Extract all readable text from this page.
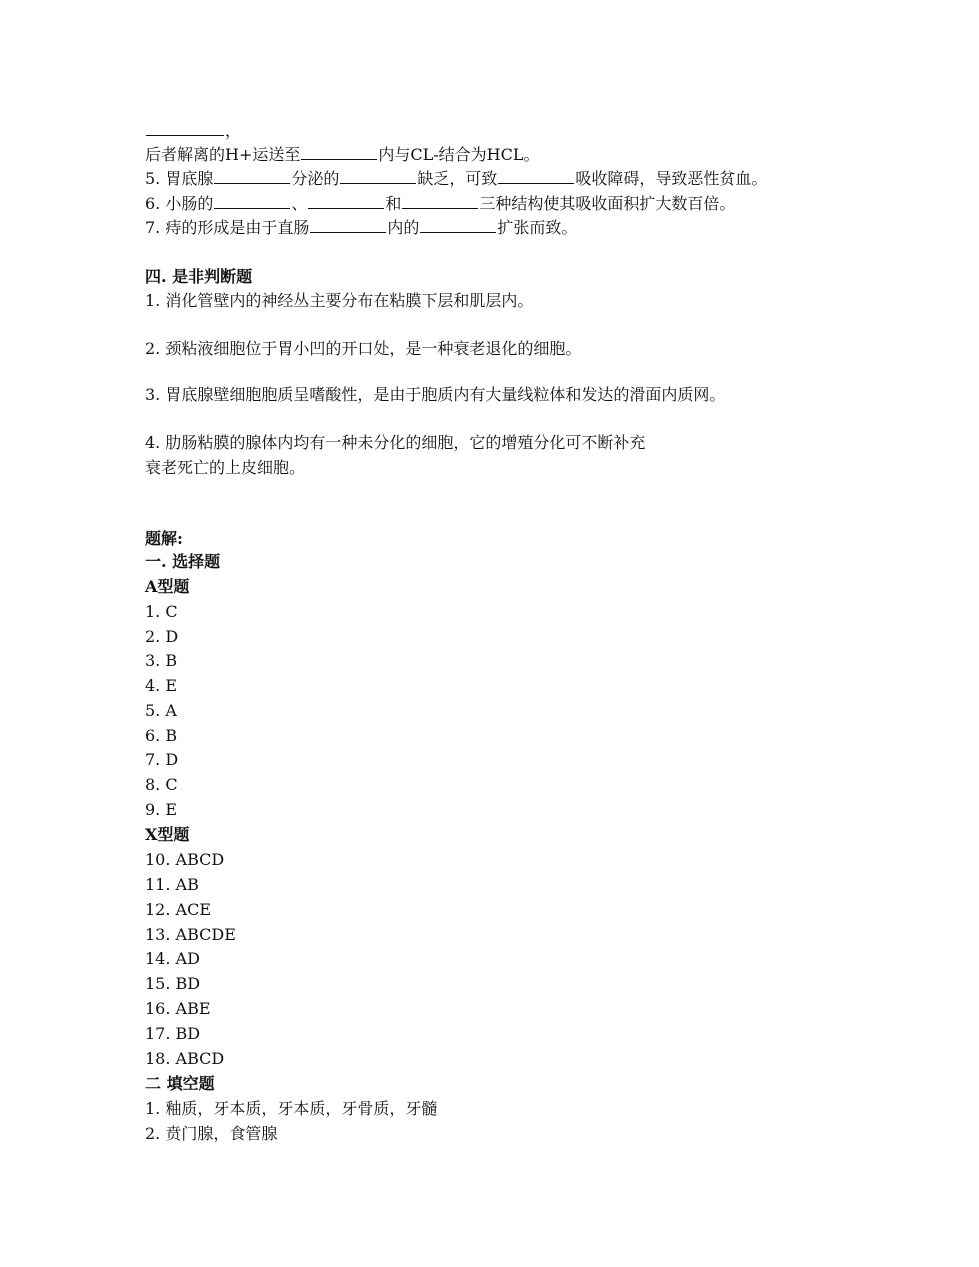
，
后者解离的H+运送至	内与CL-结合为HCL。
5. 胃底腺	分泌的	缺乏，可致	吸收障碍，导致恶性贫血。
6. 小肠的	、	和	三种结构使其吸收面积扩大数百倍。
7. 痔的形成是由于直肠	内的	扩张而致。
四. 是非判断题
1. 消化管壁内的神经丛主要分布在粘膜下层和肌层内。
2. 颈粘液细胞位于胃小凹的开口处，是一种衰老退化的细胞。
3. 胃底腺壁细胞胞质呈嗜酸性，是由于胞质内有大量线粒体和发达的滑面内质网。
4. 肋肠粘膜的腺体内均有一种未分化的细胞，它的增殖分化可不断补充
衰老死亡的上皮细胞。
题解:
一. 选择题
A型题
1. C
2. D
3. B
4. E
5. A
6. B
7. D
8. C
9. E
X型题
10. ABCD
11. AB
12. ACE
13. ABCDE
14. AD
15. BD
16. ABE
17. BD
18. ABCD
二 填空题
1. 釉质，牙本质，牙本质，牙骨质，牙髓
2. 贲门腺，食管腺
